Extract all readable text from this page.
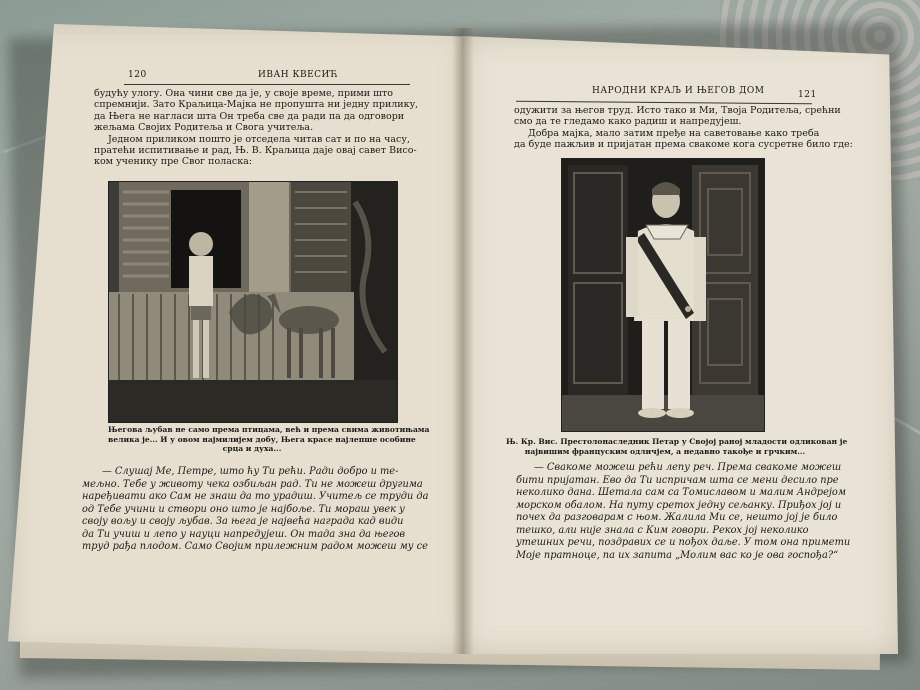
120	ИВАН КВЕСИЋ
будућу улогу. Она чини све да је, у своје време, прими што
спремнији. Зато Краљица-Мајка не пропушта ни једну прилику,
да Њега не нагласи шта Он треба све да ради па да одговори
жељама Својих Родитеља и Свога учитеља.
Једном приликом пошто је отседела читав сат и по на часу,
пратећи испитивање и рад, Њ. В. Краљица даје овај савет Висо-
ком ученику пре Свог поласка:
Његова љубав не само према птицама, већ и према свима животињама
велика је... И у овом најмилијем добу, Њега красе најлепше особине
срца и духа...
— Слушај Ме, Петре, што ћу Ти рећи. Ради добро и те-
мељно. Тебе у животу чека озбиљан рад. Ти не можеш другима
наређивати ако Сам не знаш да то урадиш. Учитељ се труди да
од Тебе учини и створи оно што је најбоље. Ти мораш увек у
своју вољу и своју љубав. За њега је највећа награда кад види
да Ти учиш и лепо у науци напредујеш. Он тада зна да његов
труд рађа плодом. Само Својим прилежним радом можеш му се
НАРОДНИ КРАЉ И ЊЕГОВ ДОМ	121
одужити за његов труд. Исто тако и Ми, Твоја Родитеља, срећни
смо да те гледамо како радиш и напредујеш.
Добра мајка, мало затим пређе на саветовање како треба
да буде пажљив и пријатан према свакоме кога сусретне било где:
Њ. Кр. Вис. Престолонаследник Петар у Својој раној младости одликован је
највишим француским одличјем, а недавно такође и грчким...
— Свакоме можеш рећи лепу реч. Према свакоме можеш
бити пријатан. Ево да Ти испричам шта се мени десило пре
неколико дана. Шетала сам са Томиславом и малим Андрејом
морском обалом. На путу сретох једну сељанку. Приђох јој и
почех да разговарам с њом. Жалила Ми се, нешто јој је било
тешко, али није знала с Ким говори. Рекох јој неколико
утешних речи, поздравих се и пођох даље. У том она примети
Моје пратноце, па их запита „Молим вас ко је ова госпођа?“
